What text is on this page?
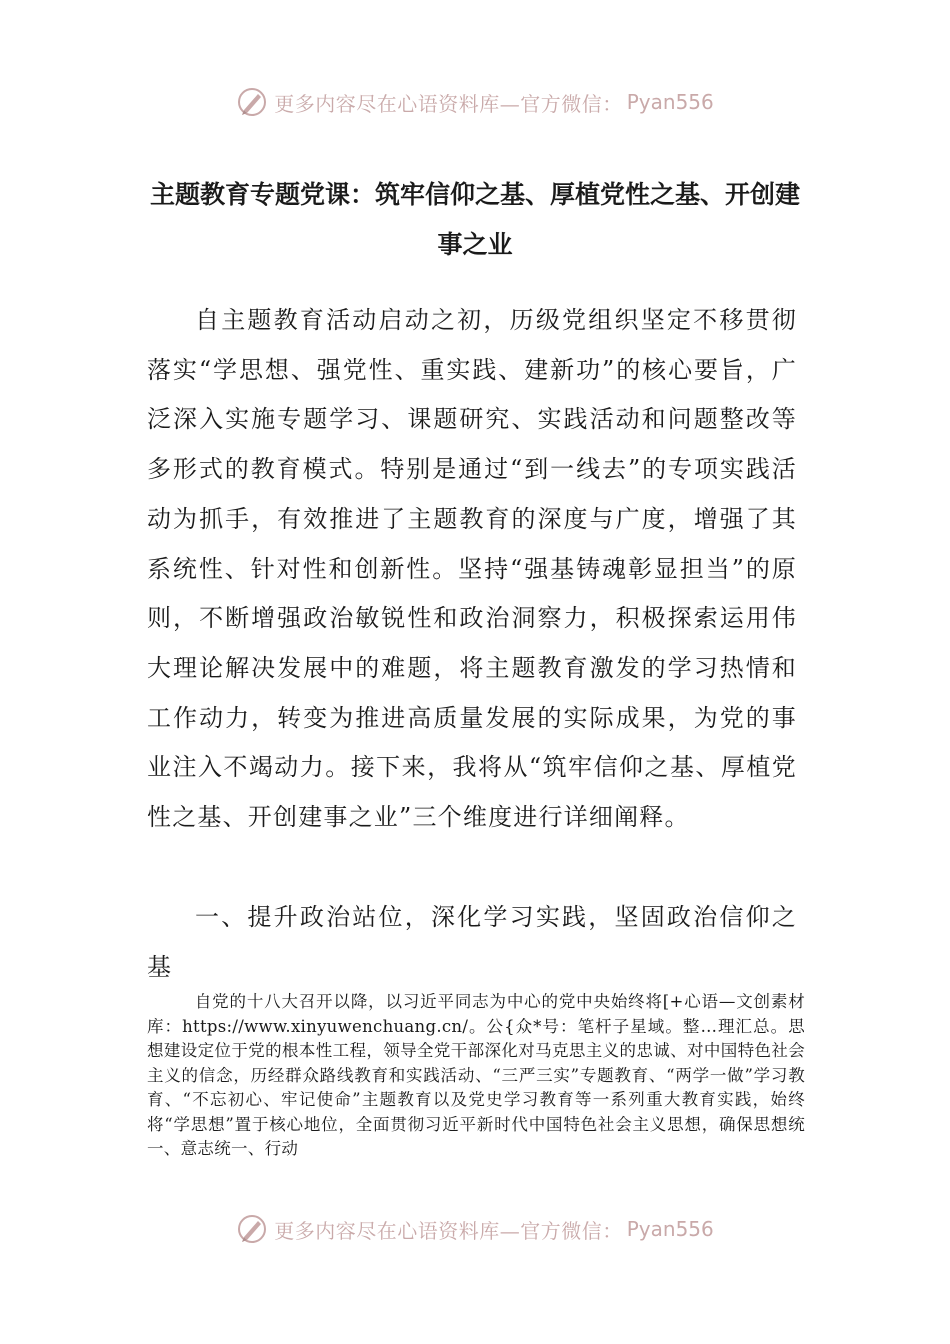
更多内容尽在心语资料库—官方微信： Pyan556
主题教育专题党课：筑牢信仰之基、厚植党性之基、开创建事之业

自主题教育活动启动之初，历级党组织坚定不移贯彻落实“学思想、强党性、重实践、建新功”的核心要旨，广泛深入实施专题学习、课题研究、实践活动和问题整改等多形式的教育模式。特别是通过“到一线去”的专项实践活动为抓手，有效推进了主题教育的深度与广度，增强了其系统性、针对性和创新性。坚持“强基铸魂彰显担当”的原则，不断增强政治敏锐性和政治洞察力，积极探索运用伟大理论解决发展中的难题，将主题教育激发的学习热情和工作动力，转变为推进高质量发展的实际成果，为党的事业注入不竭动力。接下来，我将从“筑牢信仰之基、厚植党性之基、开创建事之业”三个维度进行详细阐释。

一、提升政治站位，深化学习实践，坚固政治信仰之基

自党的十八大召开以降，以习近平同志为中心的党中央始终将[+心语—文创素材库：https://www.xinyuwenchuang.cn/。公{众*号：笔杆子星域。整…理汇总。思想建设定位于党的根本性工程，领导全党干部深化对马克思主义的忠诚、对中国特色社会主义的信念，历经群众路线教育和实践活动、“三严三实”专题教育、“两学一做”学习教育、“不忘初心、牢记使命”主题教育以及党史学习教育等一系列重大教育实践，始终将“学思想”置于核心地位，全面贯彻习近平新时代中国特色社会主义思想，确保思想统一、意志统一、行动

更多内容尽在心语资料库—官方微信： Pyan556
